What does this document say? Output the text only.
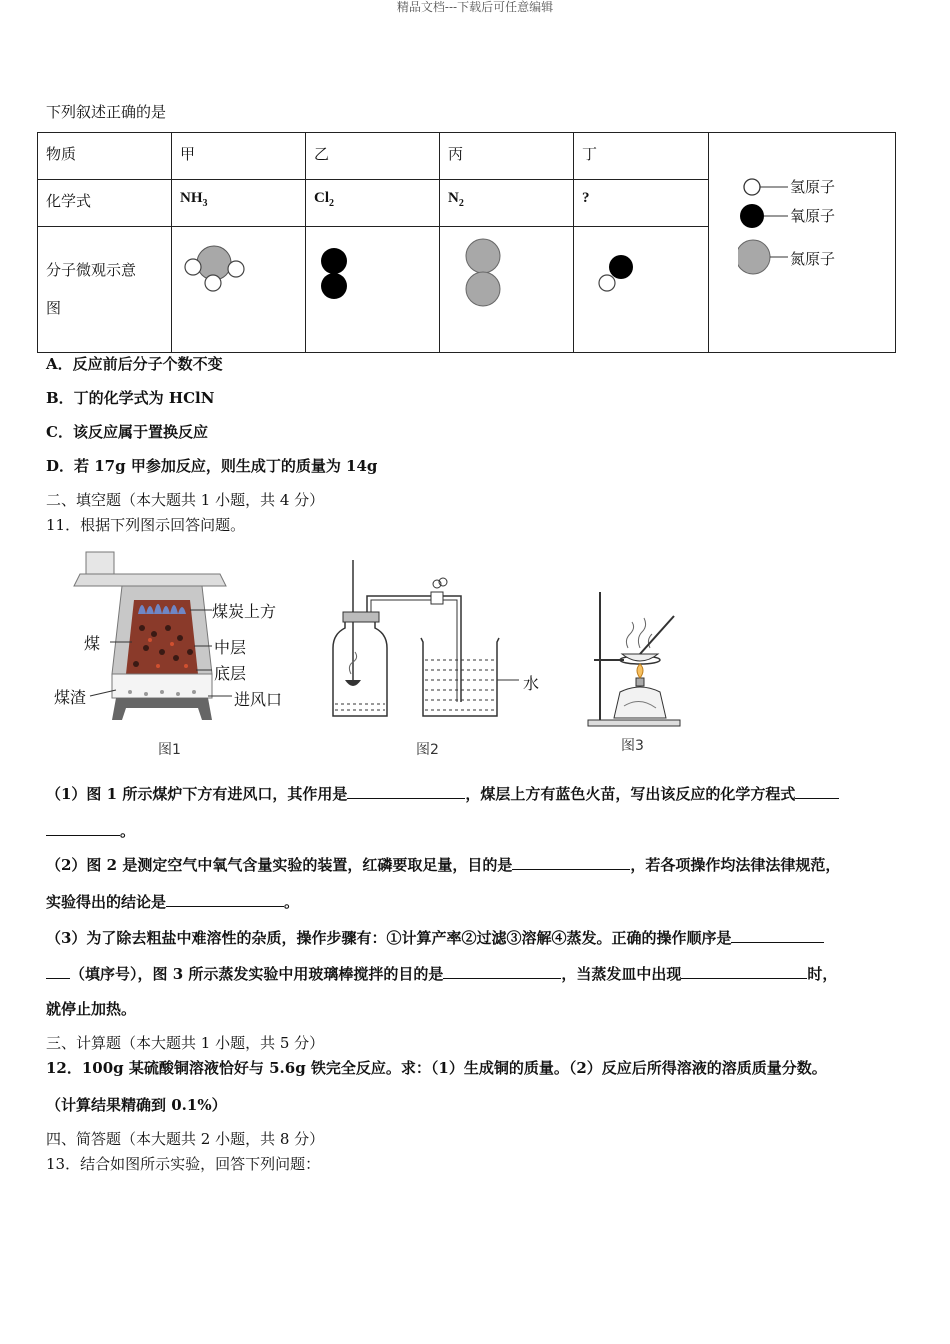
精品文档---下载后可任意编辑
下列叙述正确的是
物质	甲	乙	丙	丁	
化学式	$NH_3$	$Cl_2$	$N_2$	?	

分子微观示意
图

氢原子
氧原子
氮原子
A．反应前后分子个数不变
B．丁的化学式为 HClN
C．该反应属于置换反应
D．若 17g 甲参加反应，则生成丁的质量为 14g
二、填空题（本大题共 1 小题，共 4 分）
11．根据下列图示回答问题。
煤炭上方
煤	中层
底层
煤渣	进风口
图1
水
图2	图3
（1）图 1 所示煤炉下方有进风口，其作用是	，煤层上方有蓝色火苗，写出该反应的化学方程式
。
（2）图 2 是测定空气中氧气含量实验的装置，红磷要取足量，目的是	，若各项操作均法律法律规范，
实验得出的结论是	。
（3）为了除去粗盐中难溶性的杂质，操作步骤有：①计算产率②过滤③溶解④蒸发。正确的操作顺序是
（填序号），图 3 所示蒸发实验中用玻璃棒搅拌的目的是	，当蒸发皿中出现	时，
就停止加热。
三、计算题（本大题共 1 小题，共 5 分）
12．100g 某硫酸铜溶液恰好与 5.6g 铁完全反应。求：（1）生成铜的质量。（2）反应后所得溶液的溶质质量分数。
（计算结果精确到 0.1%）
四、简答题（本大题共 2 小题，共 8 分）
13．结合如图所示实验，回答下列问题：
